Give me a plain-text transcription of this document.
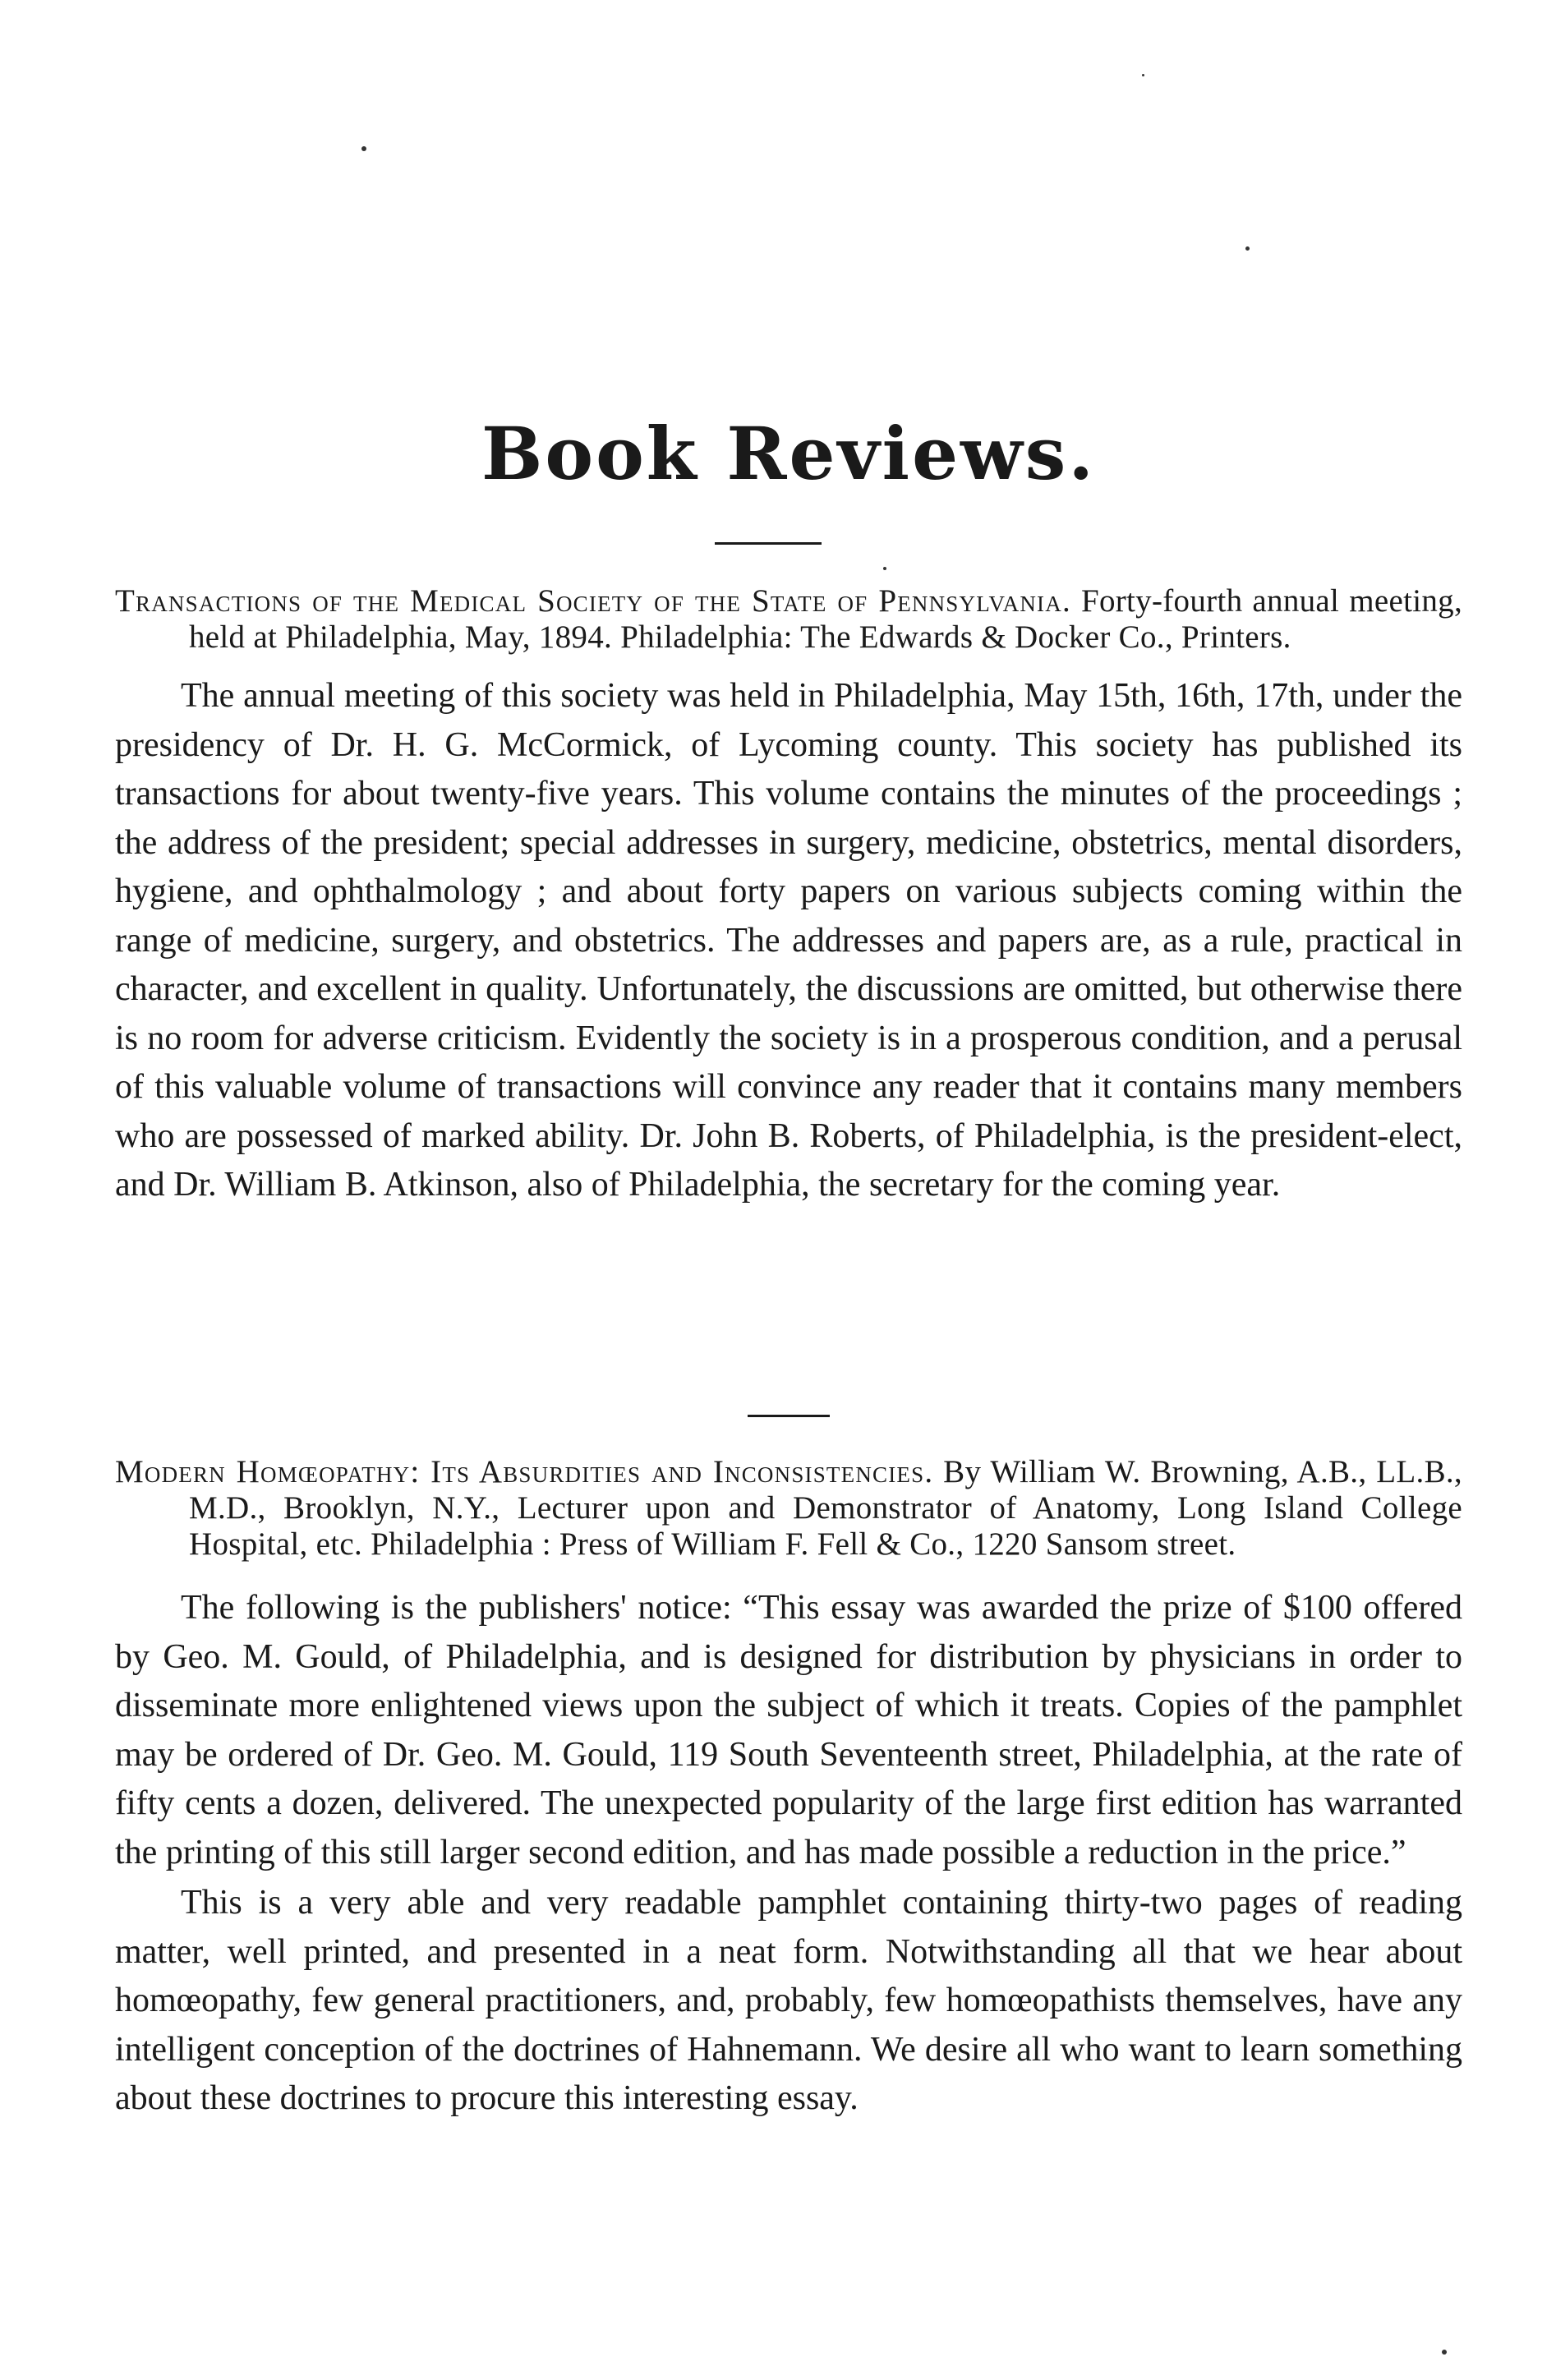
Book Reviews.
Transactions of the Medical Society of the State of Pennsylvania. Forty-fourth annual meeting, held at Philadelphia, May, 1894. Philadelphia: The Edwards & Docker Co., Printers.

The annual meeting of this society was held in Philadelphia, May 15th, 16th, 17th, under the presidency of Dr. H. G. McCormick, of Lycoming county. This society has published its transactions for about twenty-five years. This volume contains the minutes of the proceedings ; the address of the president; special addresses in surgery, medicine, obstetrics, mental disorders, hygiene, and ophthalmology ; and about forty papers on various subjects coming within the range of medicine, surgery, and obstetrics. The addresses and papers are, as a rule, practical in character, and excellent in quality. Unfortunately, the discussions are omitted, but otherwise there is no room for adverse criticism. Evidently the society is in a prosperous condition, and a perusal of this valuable volume of transactions will convince any reader that it contains many members who are possessed of marked ability. Dr. John B. Roberts, of Philadelphia, is the president-elect, and Dr. William B. Atkinson, also of Philadelphia, the secretary for the coming year.

Modern Homœopathy: Its Absurdities and Inconsistencies. By William W. Browning, A.B., LL.B., M.D., Brooklyn, N.Y., Lecturer upon and Demonstrator of Anatomy, Long Island College Hospital, etc. Philadelphia : Press of William F. Fell & Co., 1220 Sansom street.

The following is the publishers' notice: “This essay was awarded the prize of $100 offered by Geo. M. Gould, of Philadelphia, and is designed for distribution by physicians in order to disseminate more enlightened views upon the subject of which it treats. Copies of the pamphlet may be ordered of Dr. Geo. M. Gould, 119 South Seventeenth street, Philadelphia, at the rate of fifty cents a dozen, delivered. The unexpected popularity of the large first edition has warranted the printing of this still larger second edition, and has made possible a reduction in the price.”

This is a very able and very readable pamphlet containing thirty-two pages of reading matter, well printed, and presented in a neat form. Notwithstanding all that we hear about homœopathy, few general practitioners, and, probably, few homœopathists themselves, have any intelligent conception of the doctrines of Hahnemann. We desire all who want to learn something about these doctrines to procure this interesting essay.
